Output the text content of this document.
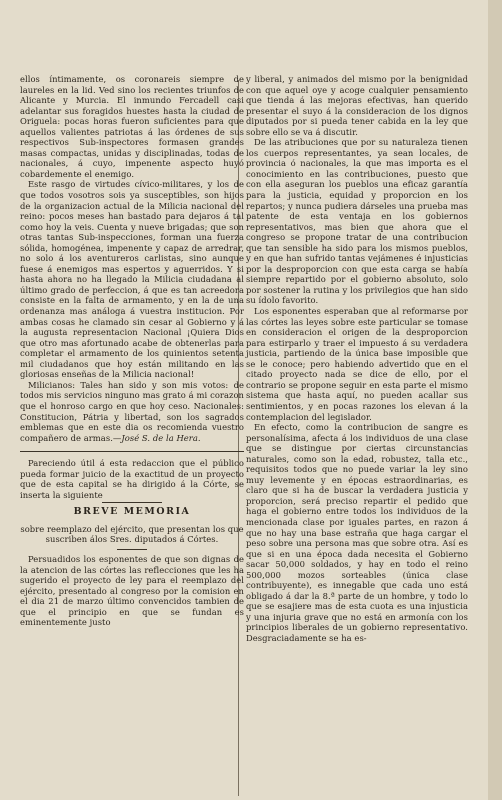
ellos íntimamente, os coronareis siempre de laureles en la lid. Ved sino los recientes triunfos de Alicante y Murcia. El inmundo Fercadell casi adelantar sus foragidos huestes hasta la ciudad de Origuela: pocas horas fueron suficientes para que aquellos valientes patriotas á las órdenes de sus respectivos Sub-inspectores formasen grandes masas compactas, unidas y disciplinadas, todas de nacionales, á cuyo, impenente aspecto huyó cobardemente el enemigo.

Este rasgo de virtudes cívico-militares, y los de que todos vosotros sois ya susceptibles, son hijos de la organizacion actual de la Milicia nacional del reino: pocos meses han bastado para dejaros á tal como hoy la veis. Cuenta y nueve brigadas; que son otras tantas Sub-inspecciones, forman una fuerza sólida, homogénea, impenente y capaz de arredrar, no solo á los aventureros carlistas, sino aunque fuese á enemigos mas espertos y aguerridos. Y si hasta ahora no ha llegado la Milicia ciudadana al último grado de perfeccion, á que es tan acreedora consiste en la falta de armamento, y en la de una ordenanza mas análoga á vuestra institucion. Por ambas cosas he clamado sin cesar al Gobierno y á la augusta representacion Nacional ¡Quiera Dios que otro mas afortunado acabe de obtenerlas para completar el armamento de los quinientos setenta mil ciudadanos que hoy están militando en las gloriosas enseñas de la Milicia nacional!

Milicianos: Tales han sido y son mis votos: de todos mis servicios ninguno mas grato á mi corazon que el honroso cargo en que hoy ceso. Nacionales: Constitucion, Pátria y libertad, son los sagrados emblemas que en este dia os recomienda vuestro compañero de armas.—José S. de la Hera.

Pareciendo útil á esta redaccion que el público pueda formar juicio de la exactitud de un proyecto que de esta capital se ha dirigido á la Córte, se inserta la siguiente

BREVE MEMORIA

sobre reemplazo del ejército, que presentan los que suscriben álos Sres. diputados á Córtes.

Persuadidos los esponentes de que son dignas de la atencion de las córtes las reflecciones que les ha sugerido el proyecto de ley para el reemplazo del ejército, presentado al congreso por la comision en el dia 21 de marzo último convencidos tambien de que el principio en que se fundan es eminentemente justo

y liberal, y animados del mismo por la benignidad con que aquel oye y acoge cualquier pensamiento que tienda á las mejoras efectivas, han querido presentar el suyo á la consideracion de los dignos diputados por si pueda tener cabida en la ley que sobre ello se va á discutir.

De las atribuciones que por su naturaleza tienen los cuerpos representantes, ya sean locales, de provincia ó nacionales, la que mas importa es el conocimiento en las contribuciones, puesto que con ella aseguran los pueblos una eficaz garantía para la justicia, equidad y proporcion en los repartos; y nunca pudiera dárseles una prueba mas patente de esta ventaja en los gobiernos representativos, mas bien que ahora que el congreso se propone tratar de una contribucion que tan sensible ha sido para los mismos pueblos, y en que han sufrido tantas vejámenes é injusticias por la desproporcion con que esta carga se había siempre repartido por el gobierno absoluto, solo por sostener la rutina y los privilegios que han sido su ídolo favorito.

Los esponentes esperaban que al reformarse por las córtes las leyes sobre este particular se tomase en consideracion el origen de la desproporcion para estirparlo y traer el impuesto á su verdadera justicia, partiendo de la única base imposible que se le conoce; pero habiendo advertido que en el citado proyecto nada se dice de ello, por el contrario se propone seguir en esta parte el mismo sistema que hasta aquí, no pueden acallar sus sentimientos, y en pocas razones los elevan á la contemplacion del legislador.

En efecto, como la contribucion de sangre es personalísima, afecta á los individuos de una clase que se distingue por ciertas circunstancias naturales, como son la edad, robustez, talla etc., requisitos todos que no puede variar la ley sino muy levemente y en épocas estraordinarias, es claro que si ha de buscar la verdadera justicia y proporcion, será preciso repartir el pedido que haga el gobierno entre todos los individuos de la mencionada clase por iguales partes, en razon á que no hay una base estraña que haga cargar el peso sobre una persona mas que sobre otra. Así es que si en una época dada necesita el Gobierno sacar 50,000 soldados, y hay en todo el reino 500,000 mozos sorteables (única clase contribuyente), es innegable que cada uno está obligado á dar la 8.ª parte de un hombre, y todo lo que se esajiere mas de esta cuota es una injusticia y una injuria grave que no está en armonía con los principios liberales de un gobierno representativo. Desgraciadamente se ha es-
